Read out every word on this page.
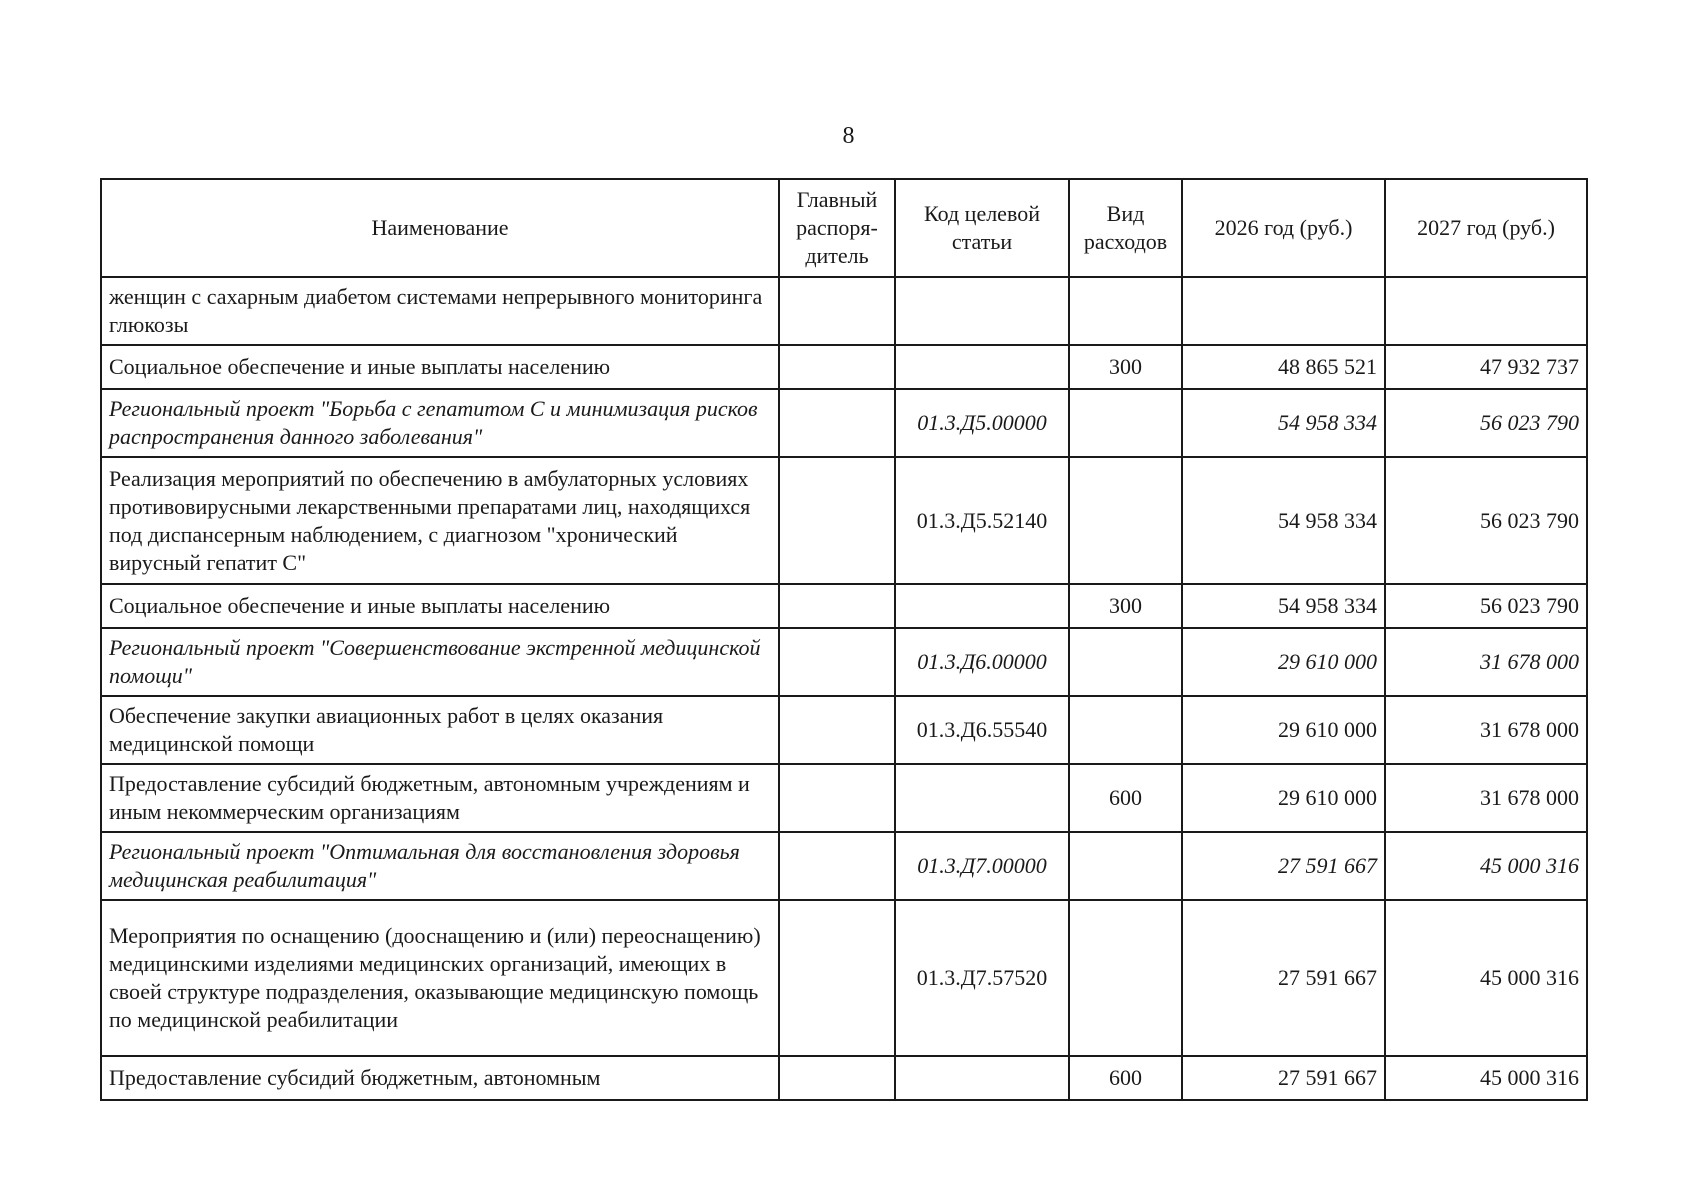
8
Наименование	Главный распоря-дитель	Код целевой статьи	Вид расходов	2026 год (руб.)	2027 год (руб.)
женщин с сахарным диабетом системами непрерывного мониторинга глюкозы					
Социальное обеспечение и иные выплаты населению			300	48 865 521	47 932 737
Региональный проект "Борьба с гепатитом С и минимизация рисков распространения данного заболевания"		01.3.Д5.00000		54 958 334	56 023 790
Реализация мероприятий по обеспечению в амбулаторных условиях противовирусными лекарственными препаратами лиц, находящихся под диспансерным наблюдением, с диагнозом "хронический вирусный гепатит С"		01.3.Д5.52140		54 958 334	56 023 790
Социальное обеспечение и иные выплаты населению			300	54 958 334	56 023 790
Региональный проект "Совершенствование экстренной медицинской помощи"		01.3.Д6.00000		29 610 000	31 678 000
Обеспечение закупки авиационных работ в целях оказания медицинской помощи		01.3.Д6.55540		29 610 000	31 678 000
Предоставление субсидий бюджетным, автономным учреждениям и иным некоммерческим организациям			600	29 610 000	31 678 000
Региональный проект "Оптимальная для восстановления здоровья медицинская реабилитация"		01.3.Д7.00000		27 591 667	45 000 316
Мероприятия по оснащению (дооснащению и (или) переоснащению) медицинскими изделиями медицинских организаций, имеющих в своей структуре подразделения, оказывающие медицинскую помощь по медицинской реабилитации		01.3.Д7.57520		27 591 667	45 000 316
Предоставление субсидий бюджетным, автономным			600	27 591 667	45 000 316
